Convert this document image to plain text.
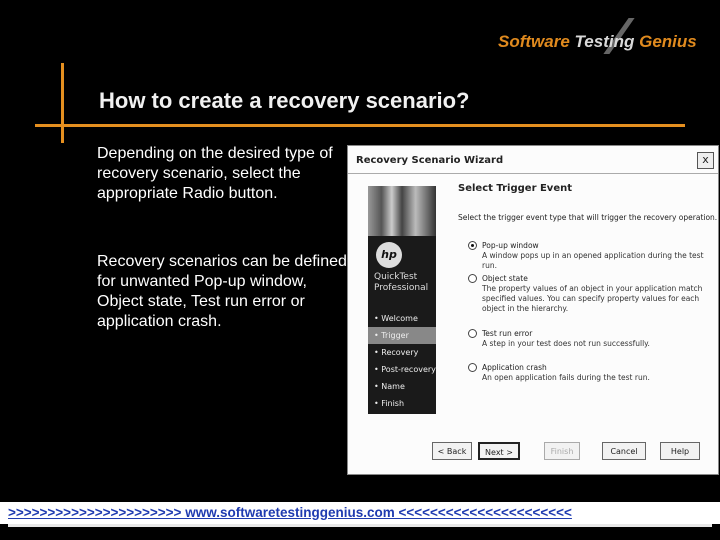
Software Testing Genius
How to create a recovery scenario?
Depending on the desired type of recovery scenario, select the appropriate Radio button.
Recovery scenarios can be defined for unwanted Pop-up window, Object state, Test run error or application crash.
Recovery Scenario Wizard	x
hp
QuickTest
Professional
• Welcome
• Trigger
• Recovery
• Post-recovery
• Name
• Finish
Select Trigger Event
Select the trigger event type that will trigger the recovery operation.
Pop-up window
A window pops up in an opened application during the test run.
Object state
The property values of an object in your application match specified values. You can specify property values for each object in the hierarchy.
Test run error
A step in your test does not run successfully.
Application crash
An open application fails during the test run.
< Back	Next >	Finish	Cancel	Help
>>>>>>>>>>>>>>>>>>>>>> www.softwaretestinggenius.com <<<<<<<<<<<<<<<<<<<<<<
